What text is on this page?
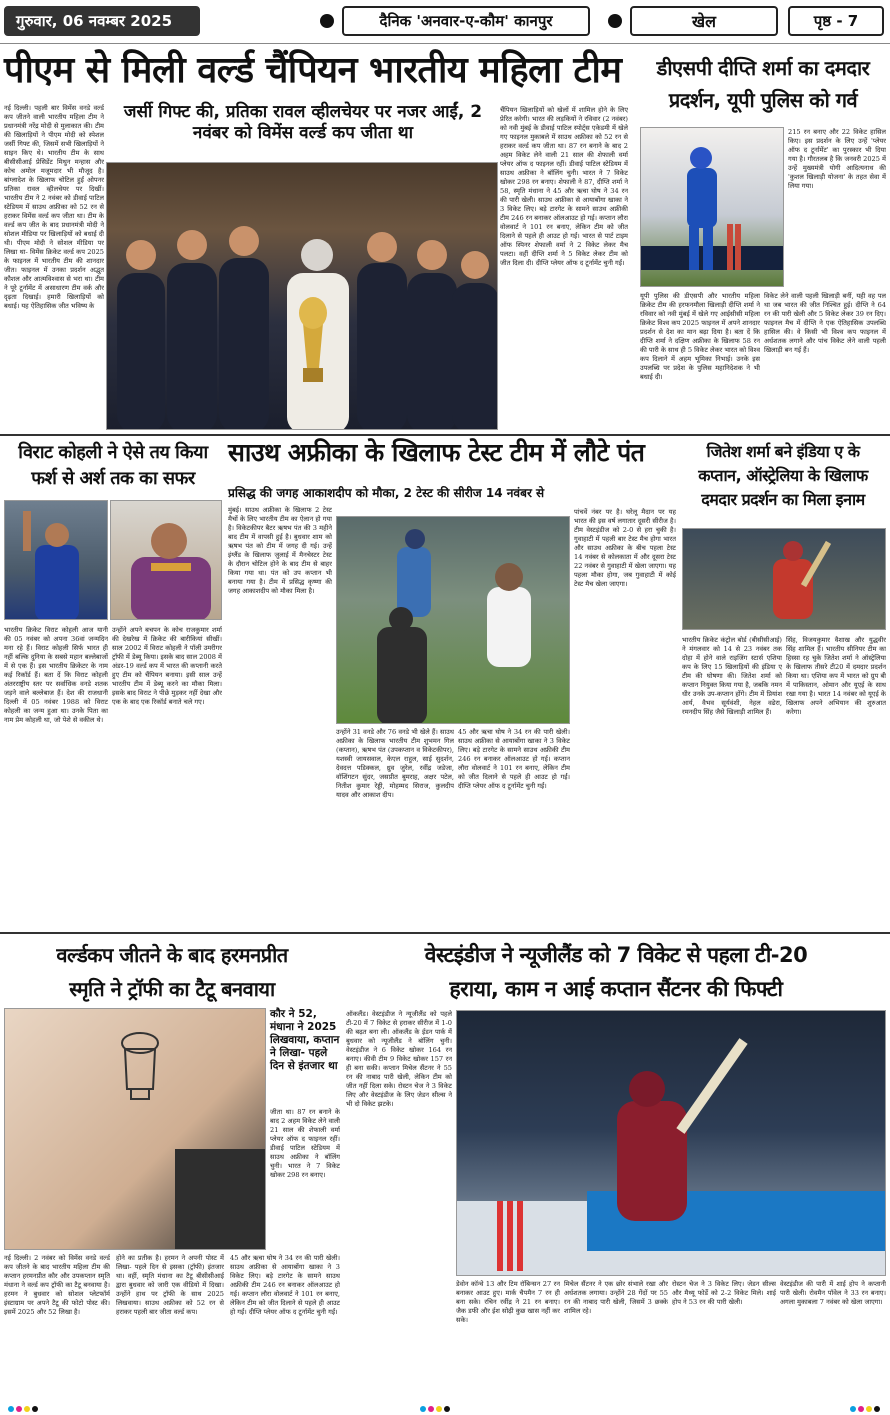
गुरुवार, 06 नवम्बर 2025	दैनिक 'अनवार-ए-कौम' कानपुर	खेल	पृष्ठ - 7
पीएम से मिली वर्ल्ड चैंपियन भारतीय महिला टीम
जर्सी गिफ्ट की, प्रतिका रावल व्हीलचेयर पर नजर आईं, 2 नवंबर को विमेंस वर्ल्ड कप जीता था
नई दिल्ली। पहली बार विमेंस वनडे वर्ल्ड कप जीतने वाली भारतीय महिला टीम ने प्रधानमंत्री नरेंद्र मोदी से मुलाकात की। टीम की खिलाड़ियों ने पीएम मोदी को स्पेशल जर्सी गिफ्ट की, जिसमें सभी खिलाड़ियों ने साइन किए थे। भारतीय टीम के साथ बीसीसीआई प्रेसिडेंट मिथुन मन्हास और कोच अमोल मजूमदार भी मौजूद है। बांग्लादेश के खिलाफ चोटिल हुईं ओपनर प्रतिका रावल व्हीलचेयर पर दिखीं। भारतीय टीम ने 2 नवंबर को डीवाई पाटिल स्टेडियम में साउथ अफ्रीका को 52 रन से हराकर विमेंस वर्ल्ड कप जीता था। टीम के वर्ल्ड कप जीत के बाद प्रधानमंत्री मोदी ने सोशल मीडिया पर खिलाड़ियों को बधाई दी थी। पीएम मोदी ने सोशल मीडिया पर लिखा था- विमेंस क्रिकेट वर्ल्ड कप 2025 के फाइनल में भारतीय टीम की शानदार जीत। फाइनल में उनका प्रदर्शन अद्भुत कौशल और आत्मविश्वास से भरा था। टीम ने पूरे टूर्नामेंट में असाधारण टीम वर्क और दृढ़ता दिखाई। हमारी खिलाड़ियों को बधाई। यह ऐतिहासिक जीत भविष्य के
चैंपियन खिलाड़ियों को खेलों में शामिल होने के लिए प्रेरित करेगी। भारत की लड़कियों ने रविवार (2 नवंबर) को नवी मुंबई के डीवाई पाटिल स्पोर्ट्स एकेडमी में खेले गए फाइनल मुकाबले में साउथ अफ्रीका को 52 रन से हराकर वर्ल्ड कप जीता था। 87 रन बनाने के बाद 2 अहम विकेट लेने वाली 21 साल की शेफाली वर्मा प्लेयर ऑफ द फाइनल रहीं। डीवाई पाटिल स्टेडियम में साउथ अफ्रीका ने बॉलिंग चुनी। भारत ने 7 विकेट खोकर 298 रन बनाए। शेफाली ने 87, दीप्ति शर्मा ने 58, स्मृति मंधाना ने 45 और ऋचा घोष ने 34 रन की पारी खेली। साउथ अफ्रीका से आयाबोंगा खाका ने 3 विकेट लिए। बड़े टारगेट के सामने साउथ अफ्रीकी टीम 246 रन बनाकर ऑलआउट हो गई। कप्तान लौरा वोलवार्ट ने 101 रन बनाए, लेकिन टीम को जीत दिलाने से पहले ही आउट हो गईं। भारत से पार्ट टाइम ऑफ स्पिनर शेफाली वर्मा ने 2 विकेट लेकर मैच पलटा। वहीं दीप्ति शर्मा ने 5 विकेट लेकर टीम को जीत दिला दी। दीप्ति प्लेयर ऑफ द टूर्नामेंट चुनी गईं।
डीएसपी दीप्ति शर्मा का दमदार
प्रदर्शन, यूपी पुलिस को गर्व
215 रन बनाए और 22 विकेट हासिल किए। इस प्रदर्शन के लिए उन्हें 'प्लेयर ऑफ द टूर्नामेंट' का पुरस्कार भी दिया गया है। गौरतलब है कि जनवरी 2025 में उन्हें मुख्यमंत्री योगी आदित्यनाथ की 'कुशल खिलाड़ी योजना' के तहत सेवा में लिया गया।
यूपी पुलिस की डीएसपी और भारतीय महिला क्रिकेट टीम की हरफनमौला खिलाड़ी दीप्ति शर्मा ने रविवार को नवी मुंबई में खेले गए आईसीसी महिला क्रिकेट विश्व कप 2025 फाइनल में अपने शानदार प्रदर्शन से देश का मान बढ़ा दिया है। बता दें कि दीप्ति शर्मा ने दक्षिण अफ्रीका के खिलाफ 58 रन की पारी के साथ ही 5 विकेट लेकर भारत को विश्व कप दिलाने में अहम भूमिका निभाई। उनके इस उपलब्धि पर प्रदेश के पुलिस महानिदेशक ने भी बधाई दी।
विकेट लेने वाली पहली खिलाड़ी बनीं, यही वह पल था जब भारत की जीत निश्चित हुई। दीप्ति ने 64 रन की पारी खेली और 5 विकेट लेकर 39 रन दिए। फाइनल मैच में दीप्ति ने एक ऐतिहासिक उपलब्धि हासिल की। वे किसी भी विश्व कप फाइनल में अर्धशतक लगाने और पांच विकेट लेने वाली पहली खिलाड़ी बन गई हैं।
विराट कोहली ने ऐसे तय किया
फर्श से अर्श तक का सफर
भारतीय क्रिकेट विराट कोहली आज यानी की 05 नवंबर को अपना 36वां जन्मदिन मना रहे हैं। विराट कोहली सिर्फ भारत ही नहीं बल्कि दुनिया के सबसे महान बल्लेबाजों में से एक हैं। इस भारतीय क्रिकेटर के नाम कई रिकॉर्ड हैं। बता दें कि विराट कोहली अंतरराष्ट्रीय स्तर पर सर्वाधिक वनडे शतक जड़ने वाले बल्लेबाज हैं। देश की राजधानी दिल्ली में 05 नवंबर 1988 को विराट कोहली का जन्म हुआ था। उनके पिता का नाम प्रेम कोहली था, जो पेशे से वकील थे।
उन्होंने अपने बचपन के कोच राजकुमार शर्मा की देखरेख में क्रिकेट की बारीकियां सीखीं। साल 2002 में विराट कोहली ने पॉली उमरीगर ट्रॉफी में डेब्यू किया। इसके बाद साल 2008 में अंडर-19 वर्ल्ड कप में भारत की कप्तानी करते हुए टीम को चैंपियन बनाया। इसी साल उन्हें भारतीय टीम में डेब्यू करने का मौका मिला। इसके बाद विराट ने पीछे मुड़कर नहीं देखा और एक के बाद एक रिकॉर्ड बनाते चले गए।
साउथ अफ्रीका के खिलाफ टेस्ट टीम में लौटे पंत
प्रसिद्ध की जगह आकाशदीप को मौका, 2 टेस्ट की सीरीज 14 नवंबर से
मुंबई। साउथ अफ्रीका के खिलाफ 2 टेस्ट मैचों के लिए भारतीय टीम का ऐलान हो गया है। विकेटकीपर बैटर ऋषभ पंत की 3 महीने बाद टीम में वापसी हुई है। बुधवार शाम को ऋषभ पंत को टीम में जगह दी गई। उन्हें इंग्लैंड के खिलाफ जुलाई में मैनचेस्टर टेस्ट के दौरान चोटिल होने के बाद टीम से बाहर किया गया था। पंत को उप कप्तान भी बनाया गया है। टीम में प्रसिद्ध कृष्णा की जगह आकाशदीप को मौका मिला है।
उन्होंने 31 वनडे और 76 वनडे भी खेले हैं। साउथ अफ्रीका के खिलाफ भारतीय टीम शुभमन गिल (कप्तान), ऋषभ पंत (उपकप्तान व विकेटकीपर), यशस्वी जायसवाल, केएल राहुल, साई सुदर्शन, देवदत्त पडिक्कल, ध्रुव जुरेल, रवींद्र जडेजा, वॉशिंगटन सुंदर, जसप्रीत बुमराह, अक्षर पटेल, नितीश कुमार रेड्डी, मोहम्मद सिराज, कुलदीप यादव और आकाश दीप।
45 और ऋचा घोष ने 34 रन की पारी खेली। साउथ अफ्रीका से आयाबोंगा खाका ने 3 विकेट लिए। बड़े टारगेट के सामने साउथ अफ्रीकी टीम 246 रन बनाकर ऑलआउट हो गई। कप्तान लौरा वोलवार्ट ने 101 रन बनाए, लेकिन टीम को जीत दिलाने से पहले ही आउट हो गईं। दीप्ति प्लेयर ऑफ द टूर्नामेंट चुनी गईं।
पांचवें नंबर पर है। घरेलू मैदान पर यह भारत की इस वर्ष लगातार दूसरी सीरीज है। टीम वेस्टइंडीज को 2-0 से हरा चुकी है। गुवाहाटी में पहली बार टेस्ट मैच होगा भारत और साउथ अफ्रीका के बीच पहला टेस्ट 14 नवंबर से कोलकाता में और दूसरा टेस्ट 22 नवंबर से गुवाहाटी में खेला जाएगा। यह पहला मौका होगा, जब गुवाहाटी में कोई टेस्ट मैच खेला जाएगा।
जितेश शर्मा बने इंडिया ए के
कप्तान, ऑस्ट्रेलिया के खिलाफ
दमदार प्रदर्शन का मिला इनाम
भारतीय क्रिकेट कंट्रोल बोर्ड (बीसीसीआई) ने मंगलवार को 14 से 23 नवंबर तक दोहा में होने वाले राइजिंग स्टार्स एशिया कप के लिए 15 खिलाड़ियों की इंडिया ए टीम की घोषणा की। जितेश शर्मा को कप्तान नियुक्त किया गया है, जबकि नमन धीर उनके उप-कप्तान होंगे। टीम में प्रियांश आर्य, वैभव सूर्यवंशी, नेहल वढेरा, रमनदीप सिंह जैसे खिलाड़ी शामिल हैं।
सिंह, विजयकुमार वैशाख और युद्धवीर सिंह शामिल हैं। भारतीय सीनियर टीम का हिस्सा रह चुके जितेश शर्मा ने ऑस्ट्रेलिया के खिलाफ तीसरे टी20 में दमदार प्रदर्शन किया था। एशिया कप में भारत को ग्रुप बी में पाकिस्तान, ओमान और यूएई के साथ रखा गया है। भारत 14 नवंबर को यूएई के खिलाफ अपने अभियान की शुरुआत करेगा।
वर्ल्डकप जीतने के बाद हरमनप्रीत
स्मृति ने ट्रॉफी का टैटू बनवाया
कौर ने 52, मंधाना ने 2025 लिखवाया, कप्तान ने लिखा- पहले दिन से इंतजार था
जीता था। 87 रन बनाने के बाद 2 अहम विकेट लेने वाली 21 साल की शेफाली वर्मा प्लेयर ऑफ द फाइनल रहीं। डीवाई पाटिल स्टेडियम में साउथ अफ्रीका ने बॉलिंग चुनी। भारत ने 7 विकेट खोकर 298 रन बनाए।
नई दिल्ली। 2 नवंबर को विमेंस वनडे वर्ल्ड कप जीतने के बाद भारतीय महिला टीम की कप्तान हरमनप्रीत कौर और उपकप्तान स्मृति मंधाना ने वर्ल्ड कप ट्रॉफी का टैटू बनवाया है। हरमन ने बुधवार को सोशल प्लेटफॉर्म इंस्टाग्राम पर अपने टैटू की फोटो पोस्ट की। इसमें 2025 और 52 लिखा है।
होने का प्रतीक है। हरमन ने अपनी पोस्ट में लिखा- पहले दिन से इसका (ट्रॉफी) इंतजार था। वहीं, स्मृति मंधाना का टैटू बीसीसीआई द्वारा बुधवार को जारी एक वीडियो में दिखा। उन्होंने हाथ पर ट्रॉफी के साथ 2025 लिखवाया। साउथ अफ्रीका को 52 रन से हराकर पहली बार जीता वर्ल्ड कप।
45 और ऋचा घोष ने 34 रन की पारी खेली। साउथ अफ्रीका से आयाबोंगा खाका ने 3 विकेट लिए। बड़े टारगेट के सामने साउथ अफ्रीकी टीम 246 रन बनाकर ऑलआउट हो गई। कप्तान लौरा वोलवार्ट ने 101 रन बनाए, लेकिन टीम को जीत दिलाने से पहले ही आउट हो गईं। दीप्ति प्लेयर ऑफ द टूर्नामेंट चुनी गईं।
वेस्टइंडीज ने न्यूजीलैंड को 7 विकेट से पहला टी-20
हराया, काम न आई कप्तान सैंटनर की फिफ्टी
ऑकलैंड। वेस्टइंडीज ने न्यूजीलैंड को पहले टी-20 में 7 विकेट से हराकर सीरीज में 1-0 की बढ़त बना ली। ऑकलैंड के ईडन पार्क में बुधवार को न्यूजीलैंड ने बॉलिंग चुनी। वेस्टइंडीज ने 6 विकेट खोकर 164 रन बनाए। कीवी टीम 9 विकेट खोकर 157 रन ही बना सकी। कप्तान मिचेल सैंटनर ने 55 रन की नाबाद पारी खेली, लेकिन टीम को जीत नहीं दिला सके। रोस्टन चेज ने 3 विकेट लिए और वेस्टइंडीज के लिए जेडन सील्स ने भी दो विकेट झटके।
डेवोन कॉन्वे 13 और टिम रॉबिन्सन 27 रन बनाकर आउट हुए। मार्क चैपमैन 7 रन ही बना सके। रचिन रवींद्र ने 21 रन बनाए। जैक डफी और ईश सोढ़ी कुछ खास नहीं कर सके।
मिचेल सैंटनर ने एक छोर संभाले रखा और अर्धशतक लगाया। उन्होंने 28 गेंदों पर 55 रन की नाबाद पारी खेली, जिसमें 3 छक्के शामिल रहे।
रोस्टन चेज ने 3 विकेट लिए। जेडन सील्स और मैथ्यू फोर्डे को 2-2 विकेट मिले। शाई होप ने 53 रन की पारी खेली।
वेस्टइंडीज की पारी में शाई होप ने कप्तानी पारी खेली। रोवमैन पॉवेल ने 33 रन बनाए। अगला मुकाबला 7 नवंबर को खेला जाएगा।
